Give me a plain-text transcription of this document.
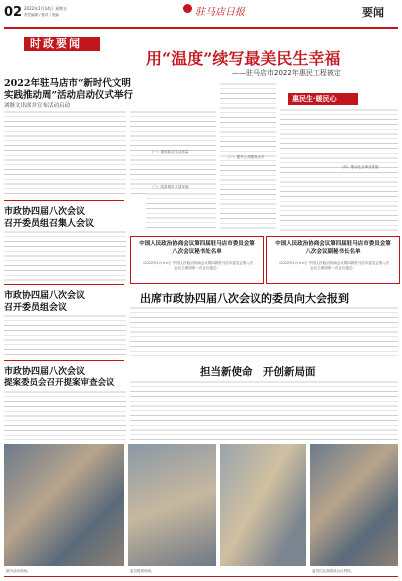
02 2022年1月14日 星期五
责任编辑 / 校对 / 美编	驻马店日报	要闻
时政要闻
用“温度”续写最美民生幸福
——驻马店市2022年惠民工程被定
2022年驻马店市“新时代文明
实践推动周”活动启动仪式举行
刘继文出席并宣布活动启动
（一）提高群众生活质量
（二）提升公共服务水平
（三）改善城乡人居环境
惠民生·暖民心
（四）推动社会事业发展
市政协四届八次会议
召开委员组召集人会议
中国人民政治协商会议第四届驻马店市委员会第八次会议秘书处名单
（2022年1月××日 中国人民政治协商会议第四届驻马店市委员会第八次会议主席团第一次会议通过）
中国人民政治协商会议第四届驻马店市委员会第八次会议副秘书长名单
（2022年1月××日 中国人民政治协商会议第四届驻马店市委员会第八次会议主席团第一次会议通过）
市政协四届八次会议
召开委员组会议
出席市政协四届八次会议的委员向大会报到
市政协四届八次会议
提案委员会召开提案审查会议
担当新使命　开创新局面
图为活动现场。	委员报到现场。	委员们认真阅读会议材料。
